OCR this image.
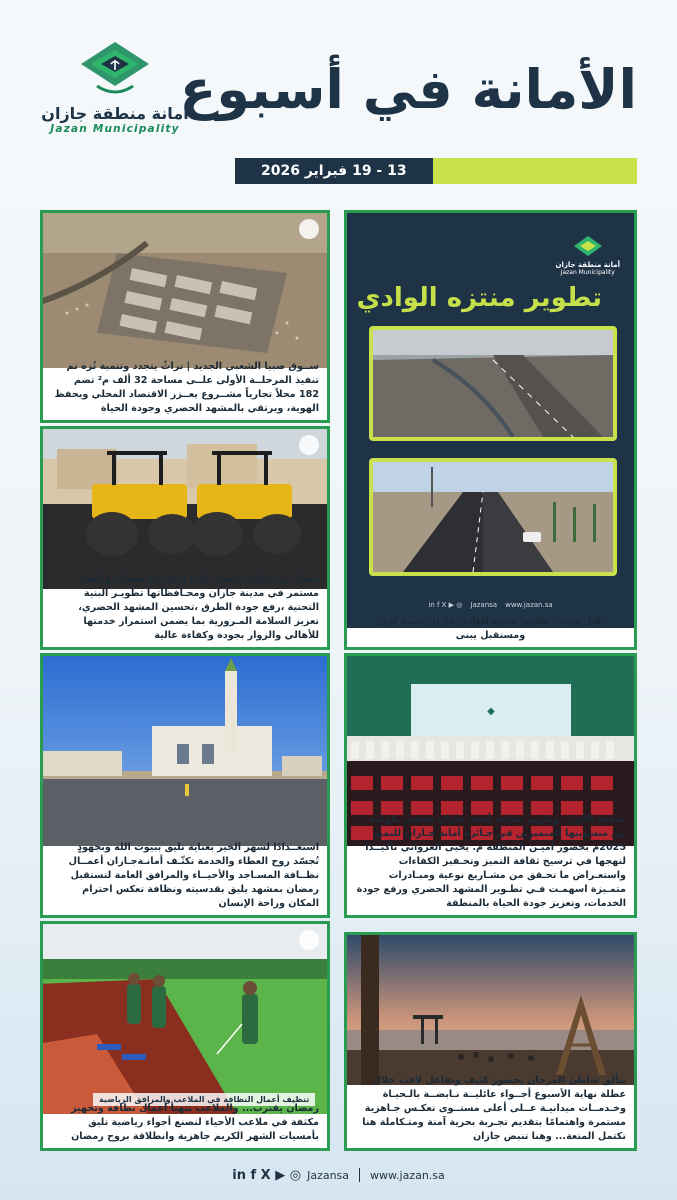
أمانة منطقة جازان
Jazan Municipality
الأمانة في أسبوع
13 - 19 فبراير 2026
ســوق صبيا الشعبي الجديد | تراثٌ يتجدد وتنمية تُزه تم تنفيذ المرحلــة الأولى علــى مساحة 32 ألف م² تضم 182 محلاً تجارياً مشــروع يعــزز الاقتصاد المحلي ويحفظ الهوية، ويرتقي بالمشهد الحضري وجودة الحياة
نعمل من اجلكم ونعتذر على إزعاجكم سفلتة وتأهيل مستمر في مدينة جازان ومحـافظاتها تطويـر البنية التحتية ،رفع جودة الطرق ،تحسين المشهد الحضري، تعزيز السلامة المـرورية بما يضمن استمرار خدمتها للأهالي والزوار بجودة وكفاءة عالية
أمانة منطقة جازان
Jazan Municipality
تطوير منتزه الوادي
in f X ▶ ◎ Jazansa www.jazan.sa
قبل وبعد | تطوير منتزه الوادي جازان تنمية تُرى ومستقبل يبنى
استعــدادًا لشهر الخير بعناية تليق ببيوت الله وبجهودٍ تُجسّد روح العطاء والخدمة تكثّـف أمانـةجـازان أعمــال نظــافة المسـاجد والأحيــاء والمرافق العامة لتستقبل رمضان بمشهد يليق بقدسيته ونظافة تعكس احترام المكان وراحة الإنسان
◆
صناعة الأثر... وتكريم صُنّاعه أمانة جازان تحتفي بكوكبة من منسوبيها المتميزين في جـائزة أمانة جـازان للتميز 2025م بحضور أميـن المنطقة م. يحيى الغزواني تأكيــدًا لنهجها في ترسيخ ثقافة التميز وتحـفيز الكفاءات واستعـراض ما تحـقق من مشـاريع نوعية ومبـادرات متمـيزة اسهمـت فـي تطـوير المشهد الحضري ورفع جودة الخدمات، وتعزيز جودة الحياة بالمنطقة
تنظيف أعمال النظافة في الملاعب والمرافق الرياضية
رمضان يقترب... والملاعب تتهيأ أعمال نظافة وتجهيز مكثفة في ملاعب الأحياء لنصنع أجواء رياضية تليق بأمسيات الشهر الكريم جاهزية وانطلاقة بروح رمضان
يتألق شاطئ المرجان بحضور كثيف وتفاعل لافت خلال عطلة نهاية الأسبوع أجــواء عائليــة نـابضــة بالـحيـاة وخـدمــات ميدانيـة عــلى أعلى مستــوى تعكـس جـاهزية مستمرة واهتمامًا بتقديم تجـربة بحرية آمنة ومتـكاملة هنا تكتمل المتعة... وهنا تنبض جازان
in f X ▶ ◎ Jazansa www.jazan.sa
